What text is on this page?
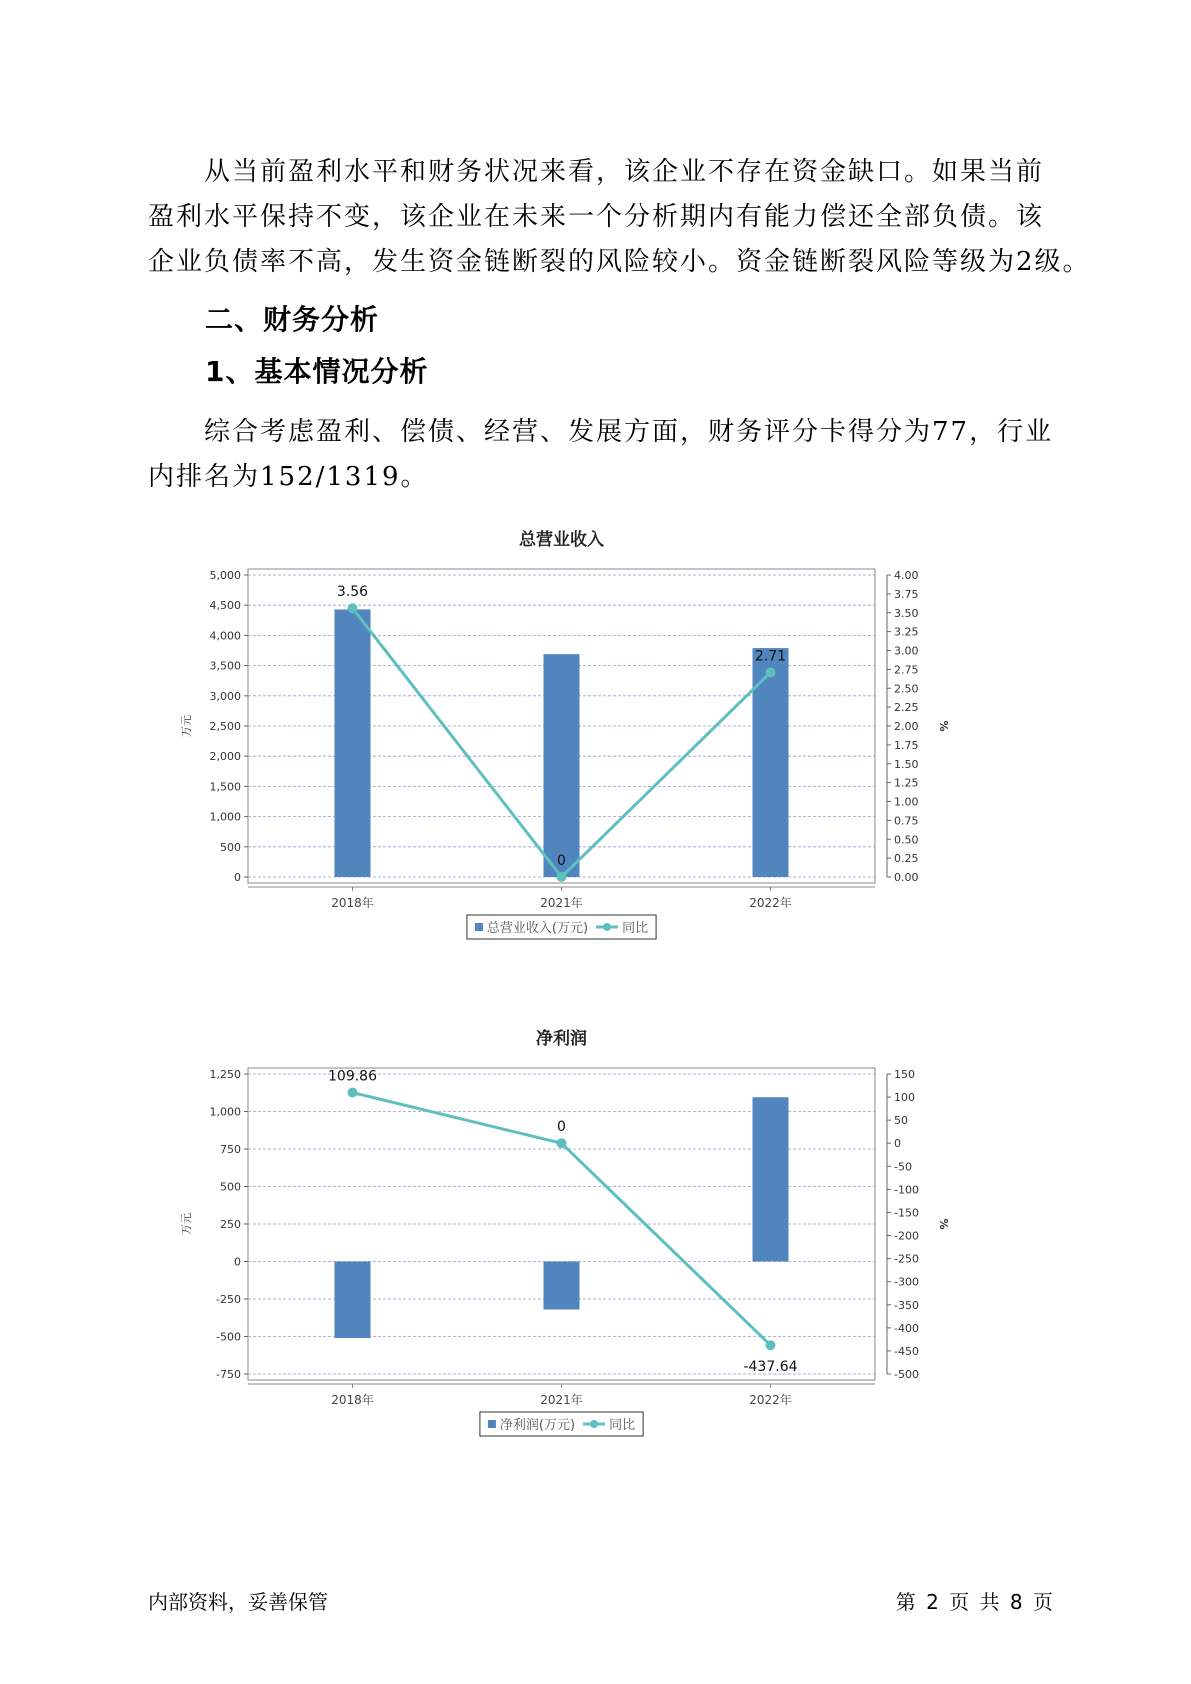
从当前盈利水平和财务状况来看，该企业不存在资金缺口。如果当前
盈利水平保持不变，该企业在未来一个分析期内有能力偿还全部负债。该
企业负债率不高，发生资金链断裂的风险较小。资金链断裂风险等级为2级。
二、财务分析
1、基本情况分析
综合考虑盈利、偿债、经营、发展方面，财务评分卡得分为77，行业
内排名为152/1319。
总营业收入
0
500
1,000
1,500
2,000
2,500
3,000
3,500
4,000
4,500
5,000
0.00
0.25
0.50
0.75
1.00
1.25
1.50
1.75
2.00
2.25
2.50
2.75
3.00
3.25
3.50
3.75
4.00
万元	%
2018年	2021年	2022年
3.56
0
2.71
总营业收入(万元)	同比
净利润
-750
-500
-250
0
250
500
750
1,000
1,250
-500
-450
-400
-350
-300
-250
-200
-150
-100
-50
0
50
100
150
万元	%
2018年	2021年	2022年
109.86
0
-437.64
净利润(万元)	同比
内部资料，妥善保管	第 2 页 共 8 页
